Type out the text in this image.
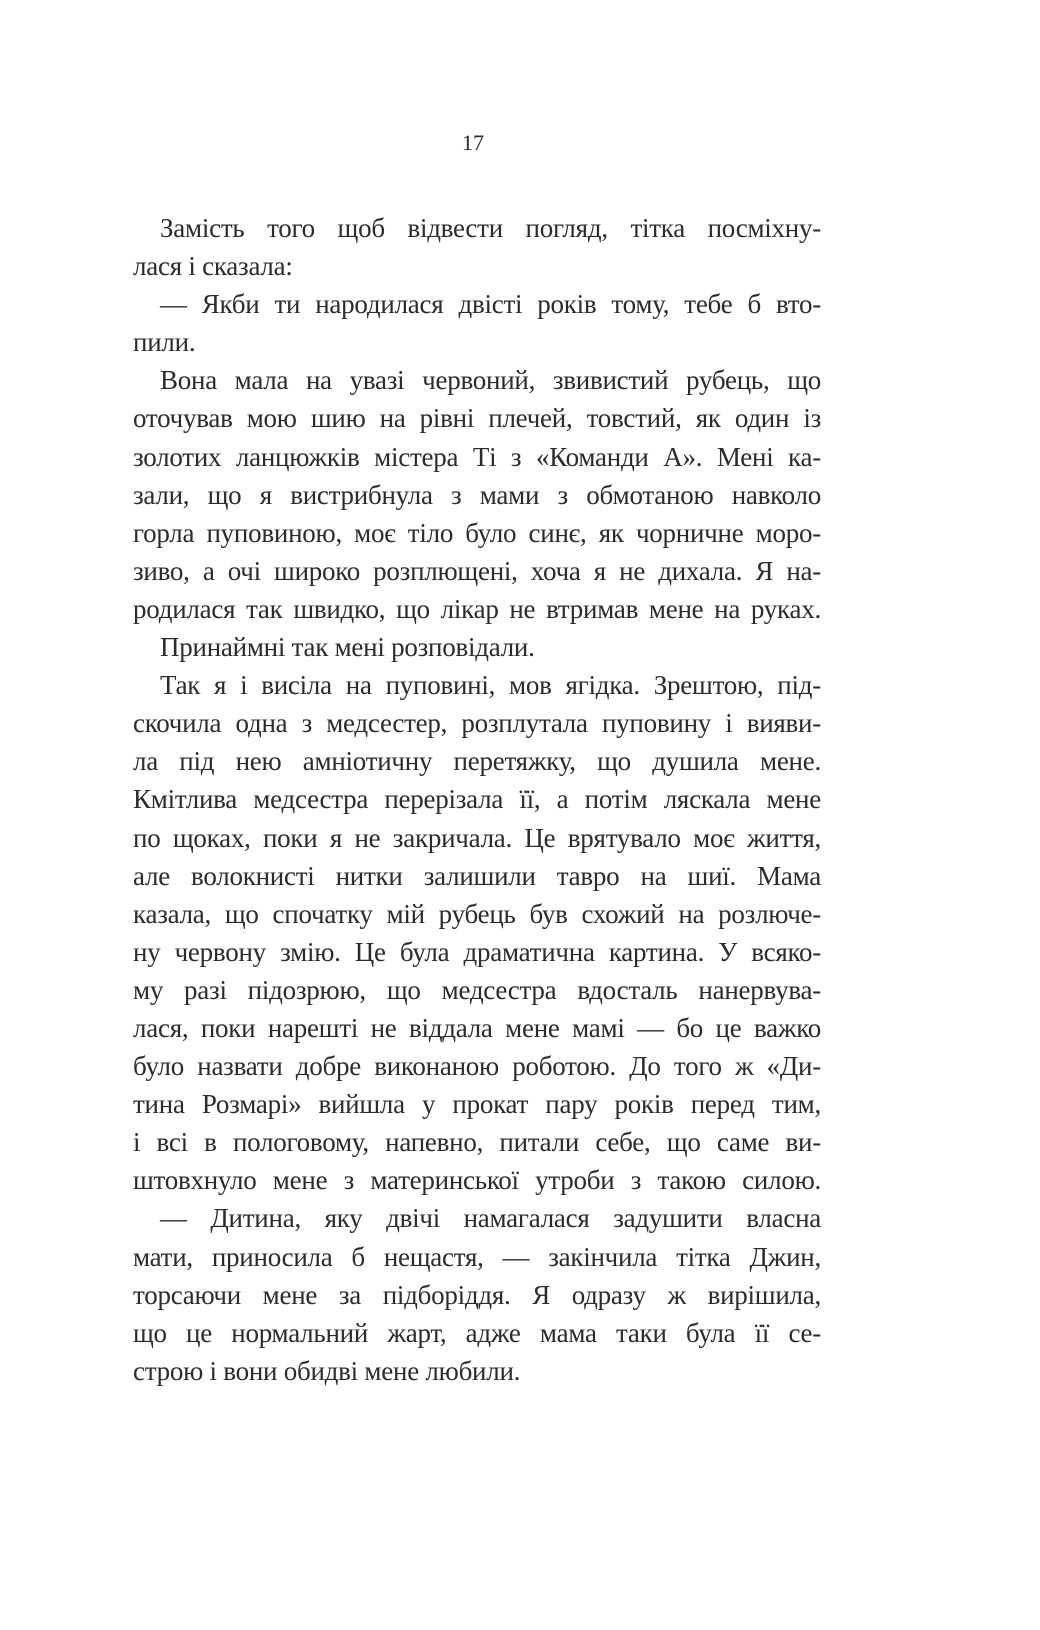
17
Замість того щоб відвести погляд, тітка посміхну-
лася і сказала:
— Якби ти народилася двісті років тому, тебе б вто-
пили.
Вона мала на увазі червоний, звивистий рубець, що
оточував мою шию на рівні плечей, товстий, як один із
золотих ланцюжків містера Ті з «Команди А». Мені ка-
зали, що я вистрибнула з мами з обмотаною навколо
горла пуповиною, моє тіло було синє, як чорничне моро-
зиво, а очі широко розплющені, хоча я не дихала. Я на-
родилася так швидко, що лікар не втримав мене на руках.
Принаймні так мені розповідали.
Так я і висіла на пуповині, мов ягідка. Зрештою, під-
скочила одна з медсестер, розплутала пуповину і вияви-
ла під нею амніотичну перетяжку, що душила мене.
Кмітлива медсестра перерізала її, а потім ляскала мене
по щоках, поки я не закричала. Це врятувало моє життя,
але волокнисті нитки залишили тавро на шиї. Мама
казала, що спочатку мій рубець був схожий на розлюче-
ну червону змію. Це була драматична картина. У всяко-
му разі підозрюю, що медсестра вдосталь нанервува-
лася, поки нарешті не віддала мене мамі — бо це важко
було назвати добре виконаною роботою. До того ж «Ди-
тина Розмарі» вийшла у прокат пару років перед тим,
і всі в пологовому, напевно, питали себе, що саме ви-
штовхнуло мене з материнської утроби з такою силою.
— Дитина, яку двічі намагалася задушити власна
мати, приносила б нещастя, — закінчила тітка Джин,
торсаючи мене за підборіддя. Я одразу ж вирішила,
що це нормальний жарт, адже мама таки була її се-
строю і вони обидві мене любили.
